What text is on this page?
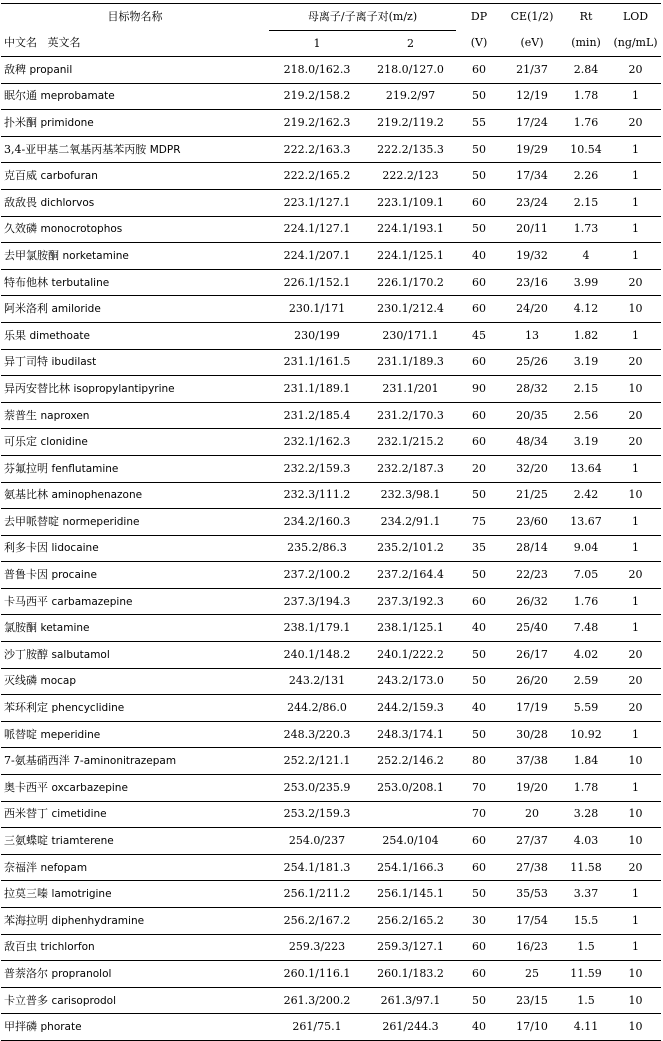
目标物名称	母离子/子离子对(m/z)		DP	CE(1/2)	Rt	LOD
中文名 英文名	1	2	(V)	(eV)	(min)	(ng/mL)
敌稗 propanil	218.0/162.3	218.0/127.0	60	21/37	2.84	20
眠尔通 meprobamate	219.2/158.2	219.2/97	50	12/19	1.78	1
扑米酮 primidone	219.2/162.3	219.2/119.2	55	17/24	1.76	20
3,4-亚甲基二氧基丙基苯丙胺 MDPR	222.2/163.3	222.2/135.3	50	19/29	10.54	1
克百威 carbofuran	222.2/165.2	222.2/123	50	17/34	2.26	1
敌敌畏 dichlorvos	223.1/127.1	223.1/109.1	60	23/24	2.15	1
久效磷 monocrotophos	224.1/127.1	224.1/193.1	50	20/11	1.73	1
去甲氯胺酮 norketamine	224.1/207.1	224.1/125.1	40	19/32	4	1
特布他林 terbutaline	226.1/152.1	226.1/170.2	60	23/16	3.99	20
阿米洛利 amiloride	230.1/171	230.1/212.4	60	24/20	4.12	10
乐果 dimethoate	230/199	230/171.1	45	13	1.82	1
异丁司特 ibudilast	231.1/161.5	231.1/189.3	60	25/26	3.19	20
异丙安替比林 isopropylantipyrine	231.1/189.1	231.1/201	90	28/32	2.15	10
萘普生 naproxen	231.2/185.4	231.2/170.3	60	20/35	2.56	20
可乐定 clonidine	232.1/162.3	232.1/215.2	60	48/34	3.19	20
芬氟拉明 fenflutamine	232.2/159.3	232.2/187.3	20	32/20	13.64	1
氨基比林 aminophenazone	232.3/111.2	232.3/98.1	50	21/25	2.42	10
去甲哌替啶 normeperidine	234.2/160.3	234.2/91.1	75	23/60	13.67	1
利多卡因 lidocaine	235.2/86.3	235.2/101.2	35	28/14	9.04	1
普鲁卡因 procaine	237.2/100.2	237.2/164.4	50	22/23	7.05	20
卡马西平 carbamazepine	237.3/194.3	237.3/192.3	60	26/32	1.76	1
氯胺酮 ketamine	238.1/179.1	238.1/125.1	40	25/40	7.48	1
沙丁胺醇 salbutamol	240.1/148.2	240.1/222.2	50	26/17	4.02	20
灭线磷 mocap	243.2/131	243.2/173.0	50	26/20	2.59	20
苯环利定 phencyclidine	244.2/86.0	244.2/159.3	40	17/19	5.59	20
哌替啶 meperidine	248.3/220.3	248.3/174.1	50	30/28	10.92	1
7-氨基硝西泮 7-aminonitrazepam	252.2/121.1	252.2/146.2	80	37/38	1.84	10
奥卡西平 oxcarbazepine	253.0/235.9	253.0/208.1	70	19/20	1.78	1
西米替丁 cimetidine	253.2/159.3		70	20	3.28	10
三氨蝶啶 triamterene	254.0/237	254.0/104	60	27/37	4.03	10
奈福泮 nefopam	254.1/181.3	254.1/166.3	60	27/38	11.58	20
拉莫三嗪 lamotrigine	256.1/211.2	256.1/145.1	50	35/53	3.37	1
苯海拉明 diphenhydramine	256.2/167.2	256.2/165.2	30	17/54	15.5	1
敌百虫 trichlorfon	259.3/223	259.3/127.1	60	16/23	1.5	1
普萘洛尔 propranolol	260.1/116.1	260.1/183.2	60	25	11.59	10
卡立普多 carisoprodol	261.3/200.2	261.3/97.1	50	23/15	1.5	10
甲拌磷 phorate	261/75.1	261/244.3	40	17/10	4.11	10
